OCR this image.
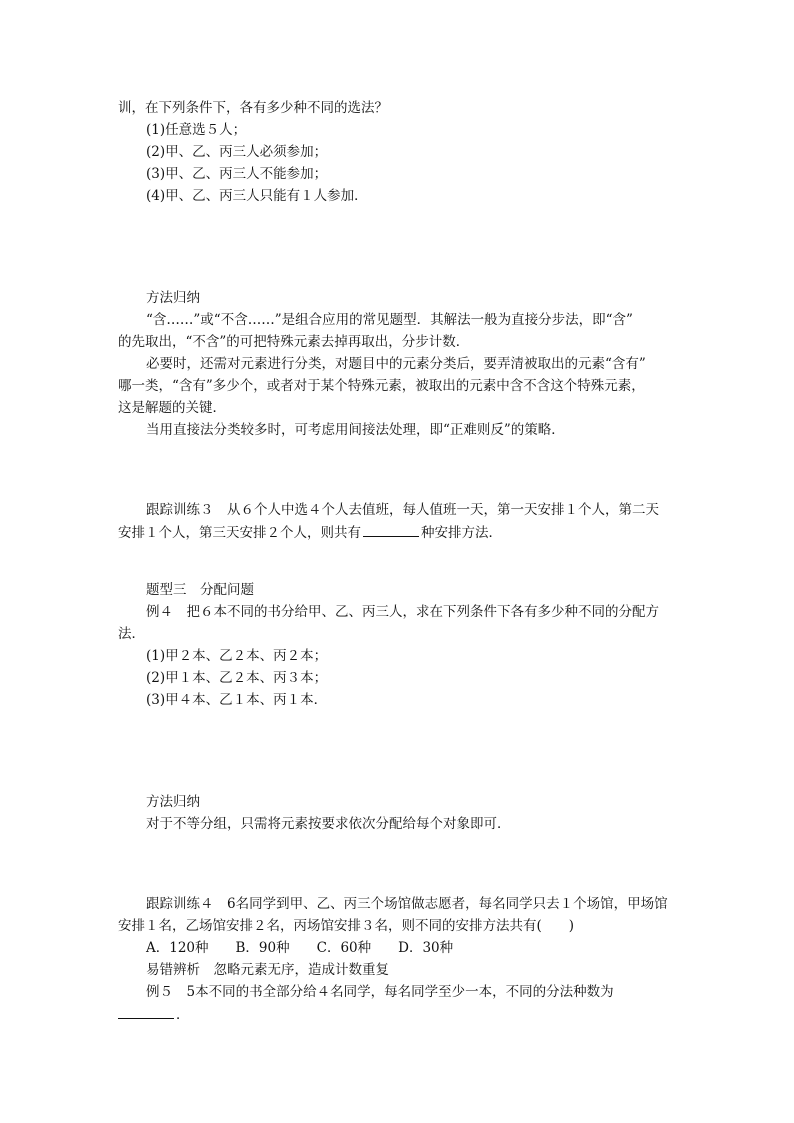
训，在下列条件下，各有多少种不同的选法？
(1)任意选５人；
(2)甲、乙、丙三人必须参加；
(3)甲、乙、丙三人不能参加；
(4)甲、乙、丙三人只能有１人参加．
方法归纳
“含……”或“不含……”是组合应用的常见题型．其解法一般为直接分步法，即“含”
的先取出，“不含”的可把特殊元素去掉再取出，分步计数．
必要时，还需对元素进行分类，对题目中的元素分类后，要弄清被取出的元素“含有”
哪一类，“含有”多少个，或者对于某个特殊元素，被取出的元素中含不含这个特殊元素，
这是解题的关键．
当用直接法分类较多时，可考虑用间接法处理，即“正难则反”的策略．
跟踪训练３　从６个人中选４个人去值班，每人值班一天，第一天安排１个人，第二天
安排１个人，第三天安排２个人，则共有	种安排方法．
题型三　分配问题
例４　把６本不同的书分给甲、乙、丙三人，求在下列条件下各有多少种不同的分配方
法．
(1)甲２本、乙２本、丙２本；
(2)甲１本、乙２本、丙３本；
(3)甲４本、乙１本、丙１本．
方法归纳
对于不等分组，只需将元素按要求依次分配给每个对象即可．
跟踪训练４　6名同学到甲、乙、丙三个场馆做志愿者，每名同学只去１个场馆，甲场馆
安排１名，乙场馆安排２名，丙场馆安排３名，则不同的安排方法共有(　　)
A．120种　　B．90种　　C．60种　　D．30种
易错辨析　忽略元素无序，造成计数重复
例５　5本不同的书全部分给４名同学，每名同学至少一本，不同的分法种数为
．
